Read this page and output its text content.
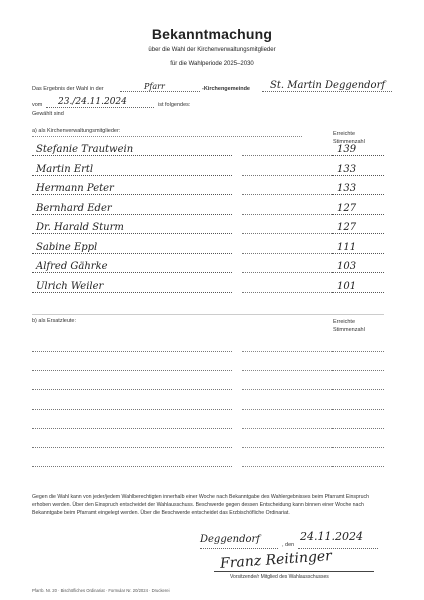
Bekanntmachung
über die Wahl der Kirchenverwaltungsmitglieder
für die Wahlperiode 2025–2030
Das Ergebnis der Wahl in der	Pfarr	-Kirchengemeinde St. Martin Deggendorf
vom 23./24.11.2024	ist folgendes:
Gewählt sind
a) als Kirchenverwaltungsmitglieder:	Erreichte
Stimmenzahl
Stefanie Trautwein	139
Martin Ertl	133
Hermann Peter	133
Bernhard Eder	127
Dr. Harald Sturm	127
Sabine Eppl	111
Alfred Gährke	103
Ulrich Weiler	101
b) als Ersatzleute:	Erreichte
Stimmenzahl
Gegen die Wahl kann von jeder/jedem Wahlberechtigten innerhalb einer Woche nach Bekanntgabe des Wahlergebnisses beim Pfarramt Einspruch erhoben werden. Über den Einspruch entscheidet der Wahlausschuss. Beschwerde gegen dessen Entscheidung kann binnen einer Woche nach Bekanntgabe beim Pfarramt eingelegt werden. Über die Beschwerde entscheidet das Erzbischöfliche Ordinariat.
Deggendorf	, den
24.11.2024
Franz Reitinger
Vorsitzende/r Mitglied des Wahlausschusses
Pfarrb. Nr. 20 · Bischöfliches Ordinariat · Formular Nr. 20/2024 · Druckerei
